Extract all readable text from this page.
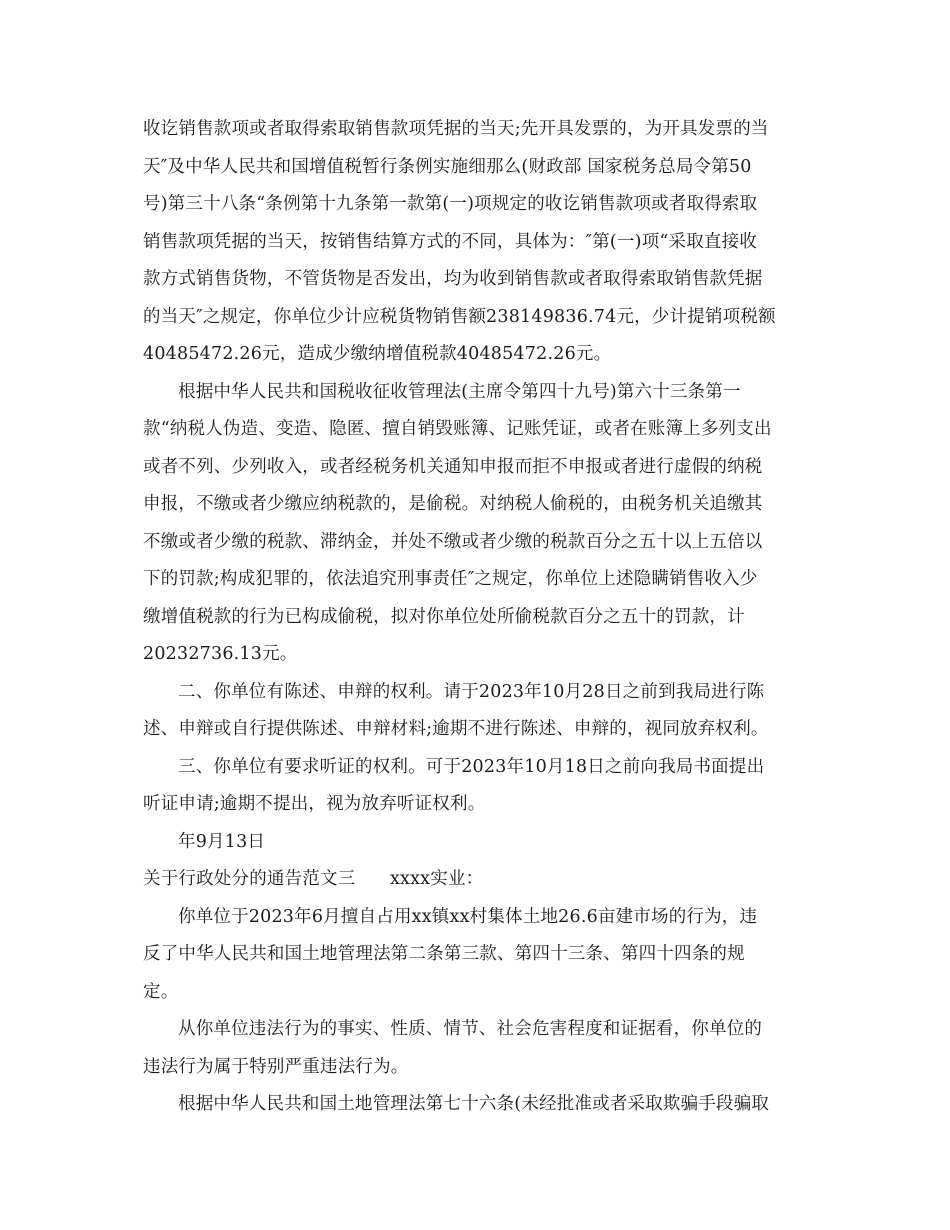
收讫销售款项或者取得索取销售款项凭据的当天;先开具发票的，为开具发票的当
天″及中华人民共和国增值税暂行条例实施细那么(财政部 国家税务总局令第50
号)第三十八条“条例第十九条第一款第(一)项规定的收讫销售款项或者取得索取
销售款项凭据的当天，按销售结算方式的不同，具体为：″第(一)项“采取直接收
款方式销售货物，不管货物是否发出，均为收到销售款或者取得索取销售款凭据
的当天″之规定，你单位少计应税货物销售额238149836.74元，少计提销项税额
40485472.26元，造成少缴纳增值税款40485472.26元。
根据中华人民共和国税收征收管理法(主席令第四十九号)第六十三条第一
款“纳税人伪造、变造、隐匿、擅自销毁账簿、记账凭证，或者在账簿上多列支出
或者不列、少列收入，或者经税务机关通知申报而拒不申报或者进行虚假的纳税
申报，不缴或者少缴应纳税款的，是偷税。对纳税人偷税的，由税务机关追缴其
不缴或者少缴的税款、滞纳金，并处不缴或者少缴的税款百分之五十以上五倍以
下的罚款;构成犯罪的，依法追究刑事责任″之规定，你单位上述隐瞒销售收入少
缴增值税款的行为已构成偷税，拟对你单位处所偷税款百分之五十的罚款，计
20232736.13元。
二、你单位有陈述、申辩的权利。请于2023年10月28日之前到我局进行陈
述、申辩或自行提供陈述、申辩材料;逾期不进行陈述、申辩的，视同放弃权利。
三、你单位有要求听证的权利。可于2023年10月18日之前向我局书面提出
听证申请;逾期不提出，视为放弃听证权利。
年9月13日
关于行政处分的通告范文三      xxxx实业：
你单位于2023年6月擅自占用xx镇xx村集体土地26.6亩建市场的行为，违
反了中华人民共和国土地管理法第二条第三款、第四十三条、第四十四条的规
定。
从你单位违法行为的事实、性质、情节、社会危害程度和证据看，你单位的
违法行为属于特别严重违法行为。
根据中华人民共和国土地管理法第七十六条(未经批准或者采取欺骗手段骗取
